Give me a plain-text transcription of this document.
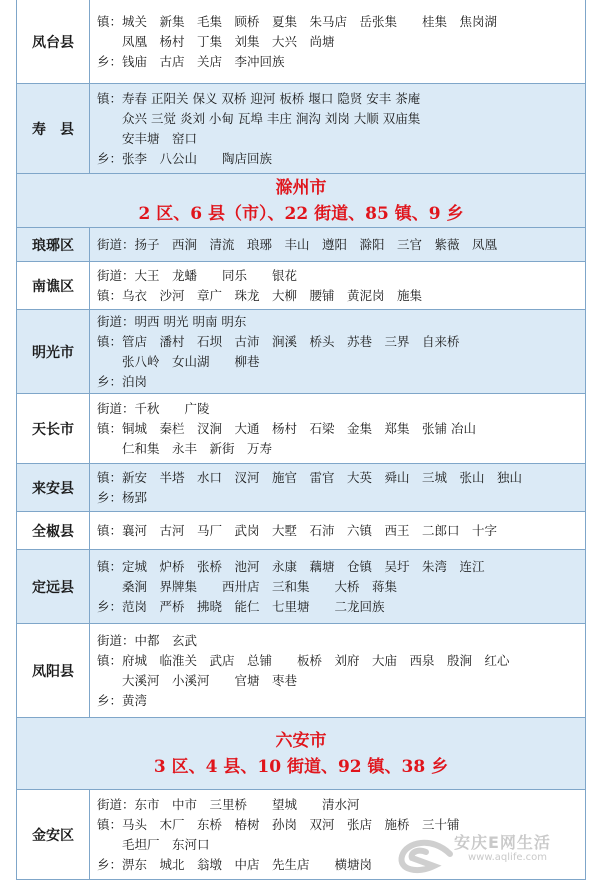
凤台县
镇：城关　新集　毛集　顾桥　夏集　朱马店　岳张集　　桂集　焦岗湖
　　凤凰　杨村　丁集　刘集　大兴　尚塘
乡：钱庙　古店　关店　李冲回族
寿　县
镇：寿春 正阳关 保义 双桥 迎河 板桥 堰口 隐贤 安丰 茶庵
　　众兴 三觉 炎刘 小甸 瓦埠 丰庄 涧沟 刘岗 大顺 双庙集
　　安丰塘　窑口
乡：张李　八公山　　陶店回族
滁州市
2 区、6 县（市）、22 街道、85 镇、9 乡
琅琊区	街道：扬子　西涧　清流　琅琊　丰山　遵阳　滁阳　三官　紫薇　凤凰
南谯区
街道：大王　龙蟠　　同乐　　银花
镇：乌衣　沙河　章广　珠龙　大柳　腰铺　黄泥岗　施集
明光市
街道：明西 明光 明南 明东
镇：管店　潘村　石坝　古沛　涧溪　桥头　苏巷　三界　自来桥
　　张八岭　女山湖　　柳巷
乡：泊岗
天长市
街道：千秋　　广陵
镇：铜城　秦栏　汊涧　大通　杨村　石梁　金集　郑集　张铺 冶山
　　仁和集　永丰　新街　万寿
来安县
镇：新安　半塔　水口　汊河　施官　雷官　大英　舜山　三城　张山　独山
乡：杨郢
全椒县	镇：襄河　古河　马厂　武岗　大墅　石沛　六镇　西王　二郎口　十字
定远县
镇：定城　炉桥　张桥　池河　永康　藕塘　仓镇　吴圩　朱湾　连江
　　桑涧　界牌集　　西卅店　三和集　　大桥　蒋集
乡：范岗　严桥　拂晓　能仁　七里塘　　二龙回族
凤阳县
街道：中都　玄武
镇：府城　临淮关　武店　总铺　　板桥　刘府　大庙　西泉　殷涧　红心
　　大溪河　小溪河　　官塘　枣巷
乡：黄湾
六安市
3 区、4 县、10 街道、92 镇、38 乡
金安区
街道：东市　中市　三里桥　　望城　　清水河
镇：马头　木厂　东桥　椿树　孙岗　双河　张店　施桥　三十铺
　　毛坦厂　东河口
乡：淠东　城北　翁墩　中店　先生店　　横塘岗
安庆E网生活
www.aqlife.com
